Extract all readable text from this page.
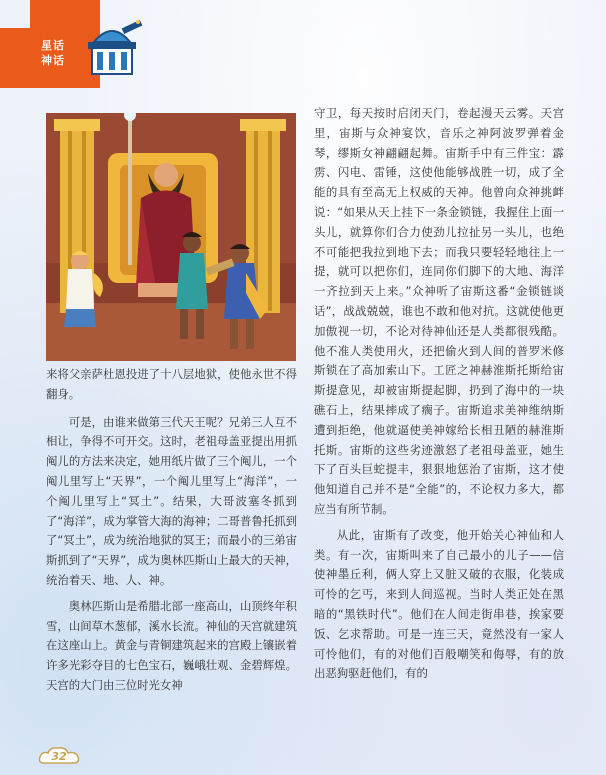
星话
神话

来将父亲萨杜恩投进了十八层地狱，使他永世不得翻身。

可是，由谁来做第三代天王呢？兄弟三人互不相让，争得不可开交。这时，老祖母盖亚提出用抓阄儿的方法来决定，她用纸片做了三个阄儿，一个阄儿里写上“天界”，一个阄儿里写上“海洋”，一个阄儿里写上“冥土”。结果，大哥波塞冬抓到了“海洋”，成为掌管大海的海神；二哥普鲁托抓到了“冥土”，成为统治地狱的冥王；而最小的三弟宙斯抓到了“天界”，成为奥林匹斯山上最大的天神，统治着天、地、人、神。

奥林匹斯山是希腊北部一座高山，山顶终年积雪，山间草木葱郁，溪水长流。神仙的天宫就建筑在这座山上。黄金与青铜建筑起来的宫殿上镶嵌着许多光彩夺目的七色宝石，巍峨壮观、金碧辉煌。天宫的大门由三位时光女神

守卫，每天按时启闭天门，卷起漫天云雾。天宫里，宙斯与众神宴饮，音乐之神阿波罗弹着金琴，缪斯女神翩翩起舞。宙斯手中有三件宝：霹雳、闪电、雷锤，这使他能够战胜一切，成了全能的具有至高无上权威的天神。他曾向众神挑衅说：“如果从天上挂下一条金锁链，我握住上面一头儿，就算你们合力使劲儿拉扯另一头儿，也绝不可能把我拉到地下去；而我只要轻轻地往上一提，就可以把你们，连同你们脚下的大地、海洋一齐拉到天上来。”众神听了宙斯这番“金锁链谈话”，战战兢兢，谁也不敢和他对抗。这就使他更加傲视一切，不论对待神仙还是人类都很残酷。他不准人类使用火，还把偷火到人间的普罗米修斯锁在了高加索山下。工匠之神赫淮斯托斯给宙斯提意见，却被宙斯提起脚，扔到了海中的一块礁石上，结果摔成了瘸子。宙斯追求美神维纳斯遭到拒绝，他就逼使美神嫁给长相丑陋的赫淮斯托斯。宙斯的这些劣迹激怒了老祖母盖亚，她生下了百头巨蛇提丰，狠狠地惩治了宙斯，这才使他知道自己并不是“全能”的，不论权力多大，都应当有所节制。

从此，宙斯有了改变，他开始关心神仙和人类。有一次，宙斯叫来了自己最小的儿子——信使神墨丘利，俩人穿上又脏又破的衣服，化装成可怜的乞丐，来到人间巡视。当时人类正处在黑暗的“黑铁时代”。他们在人间走街串巷，挨家要饭、乞求帮助。可是一连三天，竟然没有一家人可怜他们，有的对他们百般嘲笑和侮辱，有的放出恶狗驱赶他们，有的

32
